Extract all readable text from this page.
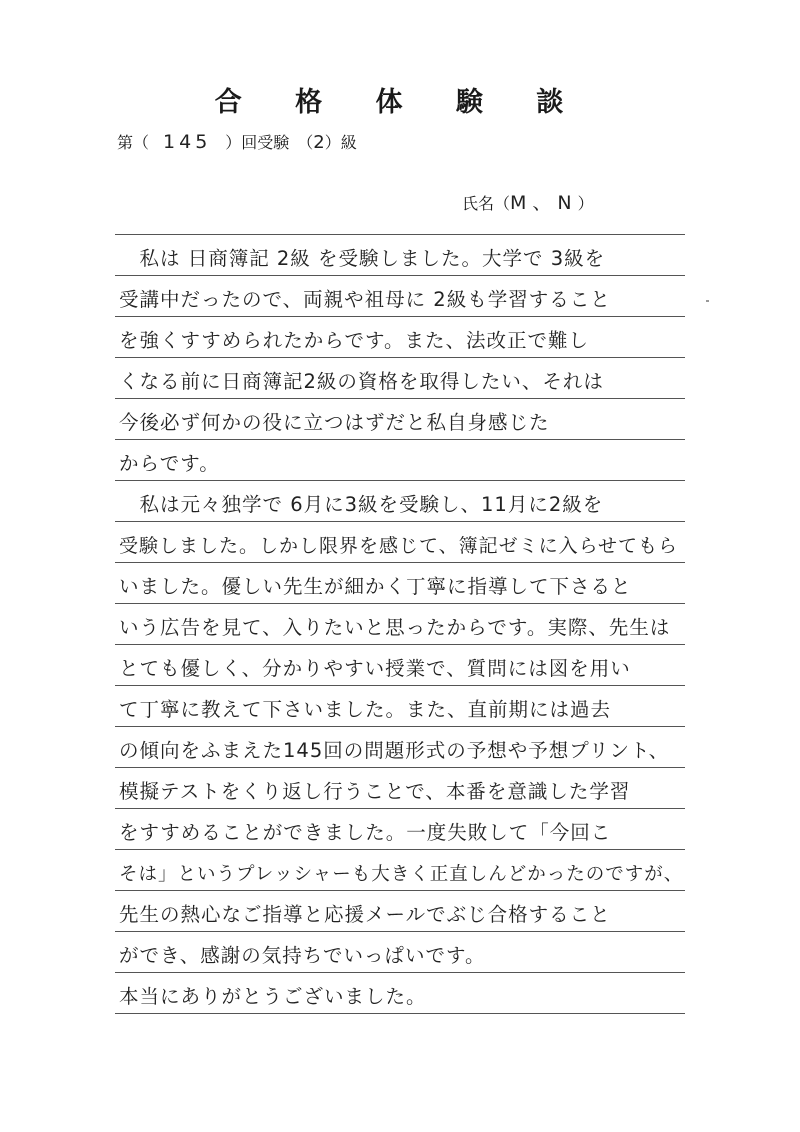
合 格 体 験 談
第（ 145 ）回受験　（2）級
氏名（M、N）
　私は 日商簿記 2級 を受験しました。大学で 3級を
受講中だったので、両親や祖母に 2級も学習すること
を強くすすめられたからです。また、法改正で難し
くなる前に日商簿記2級の資格を取得したい、それは
今後必ず何かの役に立つはずだと私自身感じた
からです。
　私は元々独学で 6月に3級を受験し、11月に2級を
受験しました。しかし限界を感じて、簿記ゼミに入らせてもら
いました。優しい先生が細かく丁寧に指導して下さると
いう広告を見て、入りたいと思ったからです。実際、先生は
とても優しく、分かりやすい授業で、質問には図を用い
て丁寧に教えて下さいました。また、直前期には過去
の傾向をふまえた145回の問題形式の予想や予想プリント、
模擬テストをくり返し行うことで、本番を意識した学習
をすすめることができました。一度失敗して「今回こ
そは」というプレッシャーも大きく正直しんどかったのですが、
先生の熱心なご指導と応援メールでぶじ合格すること
ができ、感謝の気持ちでいっぱいです。
本当にありがとうございました。
